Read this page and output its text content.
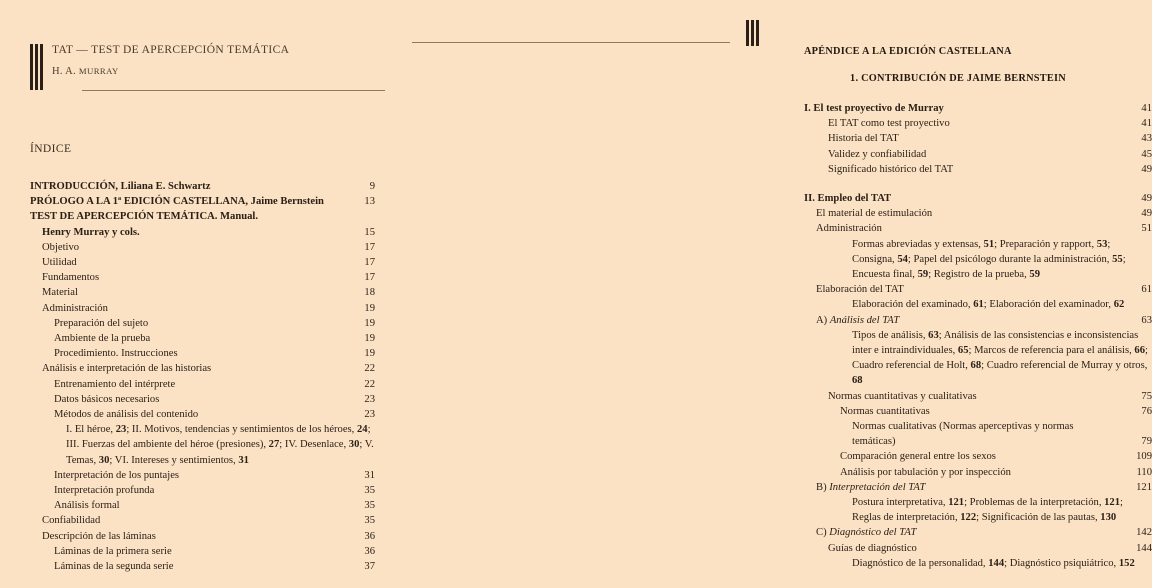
TAT — TEST DE APERCEPCIÓN TEMÁTICA
H. A. MURRAY
ÍNDICE
INTRODUCCIÓN, Liliana E. Schwartz	9
PRÓLOGO A LA 1ª EDICIÓN CASTELLANA, Jaime Bernstein	13
TEST DE APERCEPCIÓN TEMÁTICA. Manual.
Henry Murray y cols.	15
Objetivo	17
Utilidad	17
Fundamentos	17
Material	18
Administración	19
Preparación del sujeto	19
Ambiente de la prueba	19
Procedimiento. Instrucciones	19
Análisis e interpretación de las historias	22
Entrenamiento del intérprete	22
Datos básicos necesarios	23
Métodos de análisis del contenido	23
I. El héroe, 23; II. Motivos, tendencias y sentimientos de los héroes, 24; III. Fuerzas del ambiente del héroe (presiones), 27; IV. Desenlace, 30; V. Temas, 30; VI. Intereses y sentimientos, 31
Interpretación de los puntajes	31
Interpretación profunda	35
Análisis formal	35
Confiabilidad	35
Descripción de las láminas	36
Láminas de la primera serie	36
Láminas de la segunda serie	37
APÉNDICE A LA EDICIÓN CASTELLANA
1. CONTRIBUCIÓN DE JAIME BERNSTEIN
I. El test proyectivo de Murray	41
El TAT como test proyectivo	41
Historia del TAT	43
Validez y confiabilidad	45
Significado histórico del TAT	49
II. Empleo del TAT	49
El material de estimulación	49
Administración	51
Formas abreviadas y extensas, 51; Preparación y rapport, 53; Consigna, 54; Papel del psicólogo durante la administración, 55; Encuesta final, 59; Registro de la prueba, 59
Elaboración del TAT	61
Elaboración del examinado, 61; Elaboración del examinador, 62
A) Análisis del TAT	63
Tipos de análisis, 63; Análisis de las consistencias e inconsistencias inter e intraindividuales, 65; Marcos de referencia para el análisis, 66; Cuadro referencial de Holt, 68; Cuadro referencial de Murray y otros, 68
Normas cuantitativas y cualitativas	75
Normas cuantitativas	76
Normas cualitativas (Normas aperceptivas y normas
temáticas)	79
Comparación general entre los sexos	109
Análisis por tabulación y por inspección	110
B) Interpretación del TAT	121
Postura interpretativa, 121; Problemas de la interpretación, 121; Reglas de interpretación, 122; Significación de las pautas, 130
C) Diagnóstico del TAT	142
Guías de diagnóstico	144
Diagnóstico de la personalidad, 144; Diagnóstico psiquiátrico, 152
